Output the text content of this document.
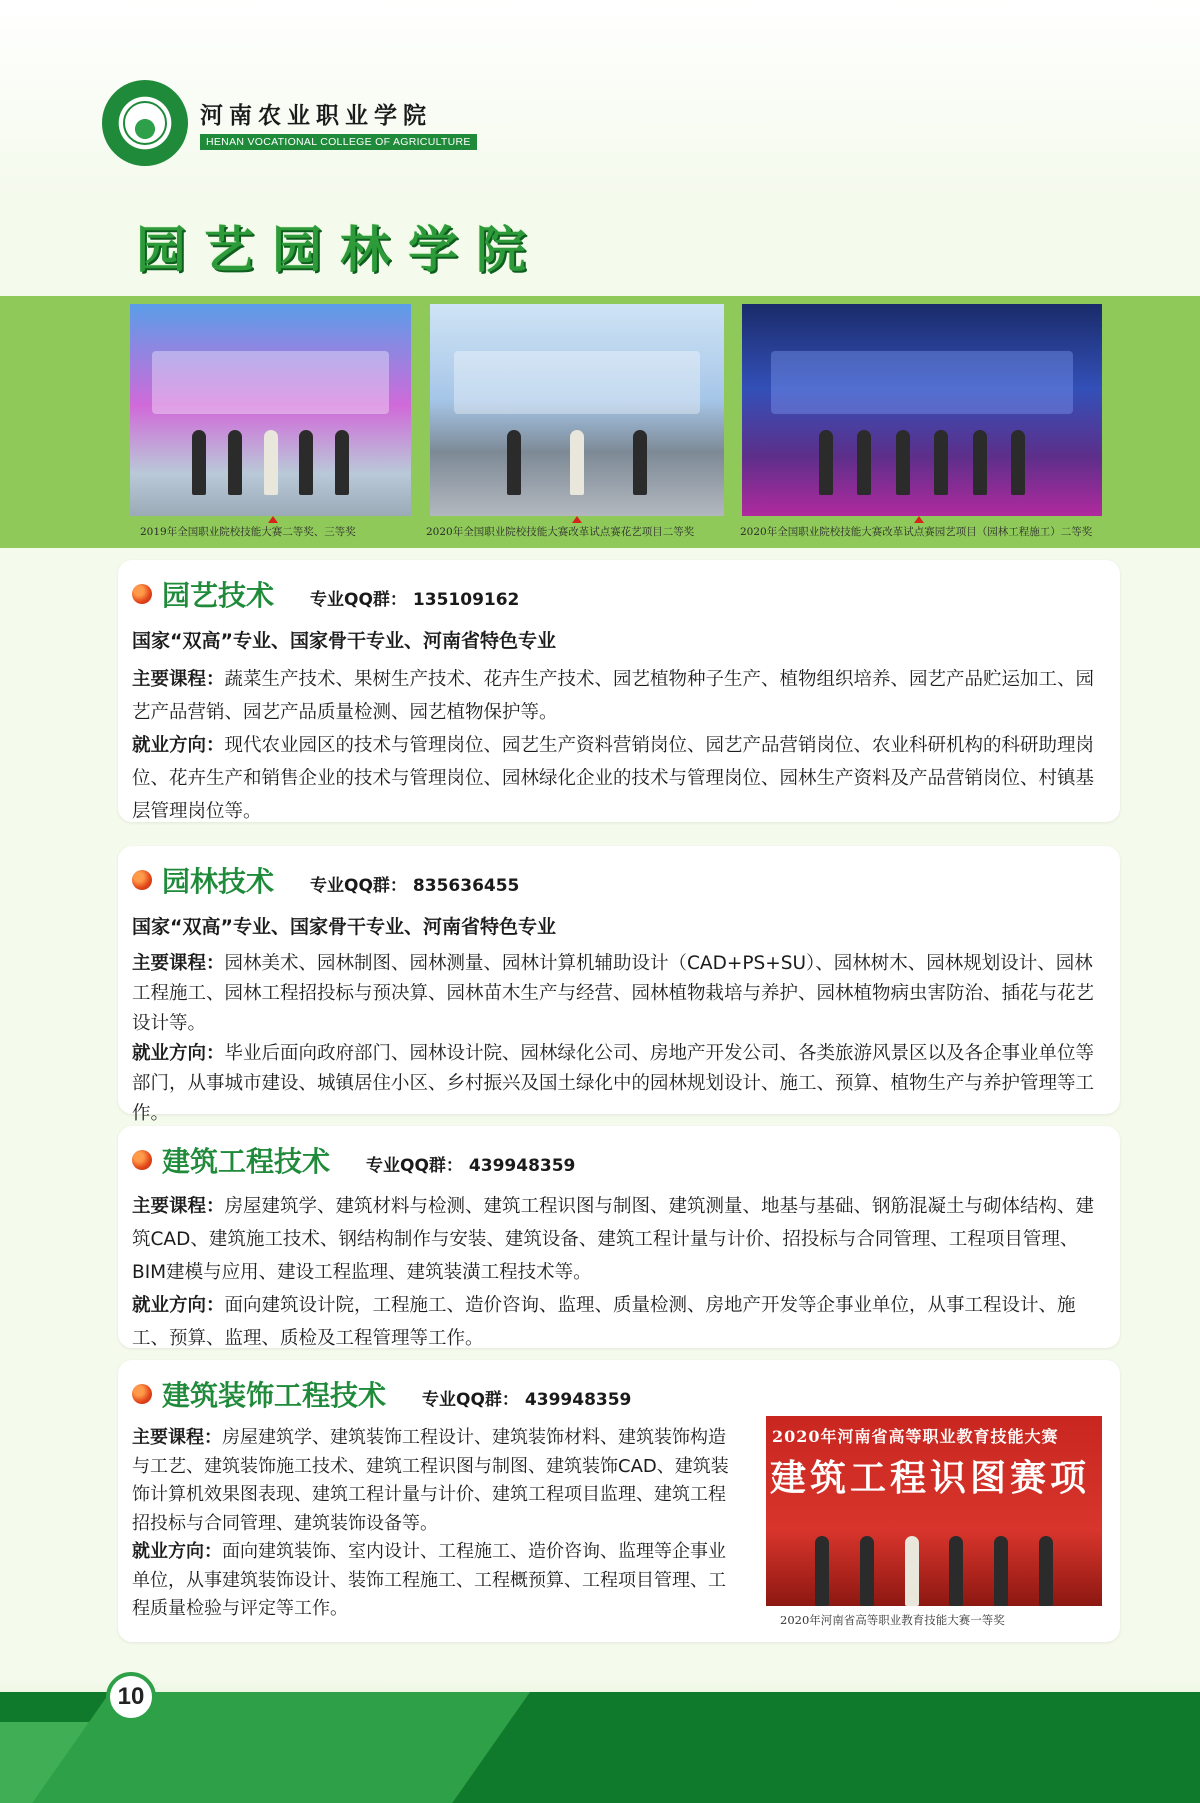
河南农业职业学院
HENAN VOCATIONAL COLLEGE OF AGRICULTURE
园艺园林学院
2019年全国职业院校技能大赛二等奖、三等奖	2020年全国职业院校技能大赛改革试点赛花艺项目二等奖	2020年全国职业院校技能大赛改革试点赛园艺项目（园林工程施工）二等奖
园艺技术 专业QQ群： 135109162
国家“双高”专业、国家骨干专业、河南省特色专业
主要课程：蔬菜生产技术、果树生产技术、花卉生产技术、园艺植物种子生产、植物组织培养、园艺产品贮运加工、园艺产品营销、园艺产品质量检测、园艺植物保护等。
就业方向：现代农业园区的技术与管理岗位、园艺生产资料营销岗位、园艺产品营销岗位、农业科研机构的科研助理岗位、花卉生产和销售企业的技术与管理岗位、园林绿化企业的技术与管理岗位、园林生产资料及产品营销岗位、村镇基层管理岗位等。
园林技术 专业QQ群： 835636455
国家“双高”专业、国家骨干专业、河南省特色专业
主要课程：园林美术、园林制图、园林测量、园林计算机辅助设计（CAD+PS+SU）、园林树木、园林规划设计、园林工程施工、园林工程招投标与预决算、园林苗木生产与经营、园林植物栽培与养护、园林植物病虫害防治、插花与花艺设计等。
就业方向：毕业后面向政府部门、园林设计院、园林绿化公司、房地产开发公司、各类旅游风景区以及各企事业单位等部门，从事城市建设、城镇居住小区、乡村振兴及国土绿化中的园林规划设计、施工、预算、植物生产与养护管理等工作。
建筑工程技术 专业QQ群： 439948359
主要课程：房屋建筑学、建筑材料与检测、建筑工程识图与制图、建筑测量、地基与基础、钢筋混凝土与砌体结构、建筑CAD、建筑施工技术、钢结构制作与安装、建筑设备、建筑工程计量与计价、招投标与合同管理、工程项目管理、BIM建模与应用、建设工程监理、建筑装潢工程技术等。
就业方向：面向建筑设计院，工程施工、造价咨询、监理、质量检测、房地产开发等企事业单位，从事工程设计、施工、预算、监理、质检及工程管理等工作。
建筑装饰工程技术 专业QQ群： 439948359
主要课程：房屋建筑学、建筑装饰工程设计、建筑装饰材料、建筑装饰构造与工艺、建筑装饰施工技术、建筑工程识图与制图、建筑装饰CAD、建筑装饰计算机效果图表现、建筑工程计量与计价、建筑工程项目监理、建筑工程招投标与合同管理、建筑装饰设备等。
就业方向：面向建筑装饰、室内设计、工程施工、造价咨询、监理等企事业单位，从事建筑装饰设计、装饰工程施工、工程概预算、工程项目管理、工程质量检验与评定等工作。
2020年河南省高等职业教育技能大赛
建筑工程识图赛项
2020年河南省高等职业教育技能大赛一等奖
10
